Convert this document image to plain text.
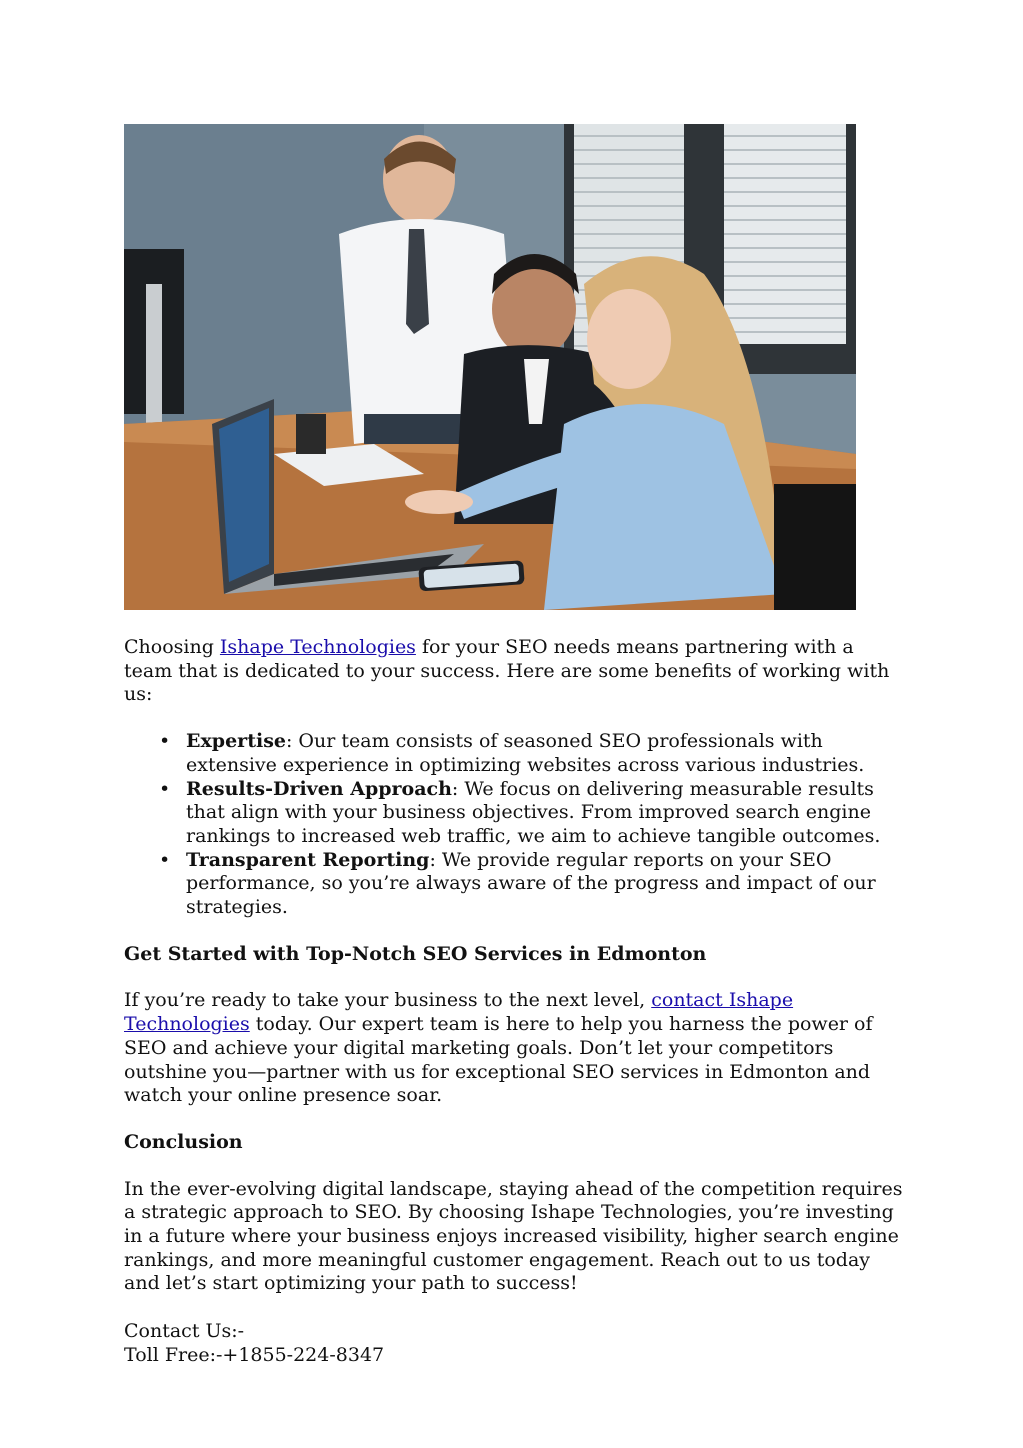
Choosing Ishape Technologies for your SEO needs means partnering with a team that is dedicated to your success. Here are some benefits of working with us:

• Expertise: Our team consists of seasoned SEO professionals with extensive experience in optimizing websites across various industries.
• Results-Driven Approach: We focus on delivering measurable results that align with your business objectives. From improved search engine rankings to increased web traffic, we aim to achieve tangible outcomes.
• Transparent Reporting: We provide regular reports on your SEO performance, so you’re always aware of the progress and impact of our strategies.
Get Started with Top-Notch SEO Services in Edmonton

If you’re ready to take your business to the next level, contact Ishape Technologies today. Our expert team is here to help you harness the power of SEO and achieve your digital marketing goals. Don’t let your competitors outshine you—partner with us for exceptional SEO services in Edmonton and watch your online presence soar.

Conclusion

In the ever-evolving digital landscape, staying ahead of the competition requires a strategic approach to SEO. By choosing Ishape Technologies, you’re investing in a future where your business enjoys increased visibility, higher search engine rankings, and more meaningful customer engagement. Reach out to us today and let’s start optimizing your path to success!

Contact Us:-
Toll Free:-+1855-224-8347
